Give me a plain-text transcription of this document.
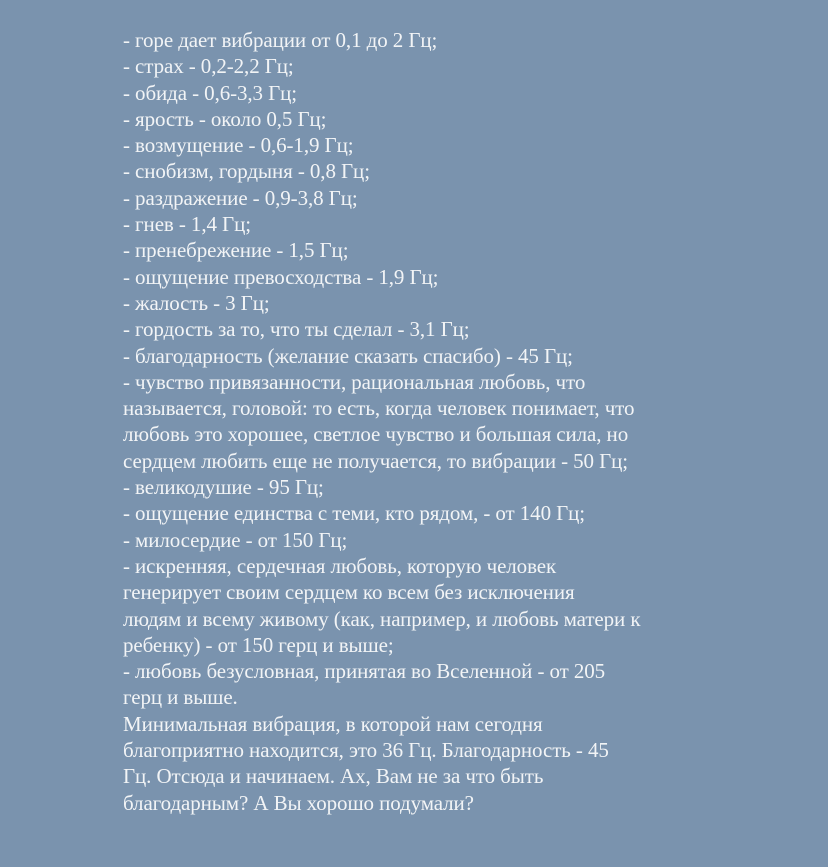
- горе дает вибрации от 0,1 до 2 Гц;

- страх - 0,2-2,2 Гц;

- обида - 0,6-3,3 Гц;

- ярость - около 0,5 Гц;

- возмущение - 0,6-1,9 Гц;

- снобизм, гордыня - 0,8 Гц;

- раздражение - 0,9-3,8 Гц;

- гнев - 1,4 Гц;

- пренебрежение - 1,5 Гц;

- ощущение превосходства - 1,9 Гц;

- жалость - 3 Гц;

- гордость за то, что ты сделал - 3,1 Гц;

- благодарность (желание сказать спасибо) - 45 Гц;

- чувство привязанности, рациональная любовь, что

называется, головой: то есть, когда человек понимает, что

любовь это хорошее, светлое чувство и большая сила, но

сердцем любить еще не получается, то вибрации - 50 Гц;

- великодушие - 95 Гц;

- ощущение единства с теми, кто рядом, - от 140 Гц;

- милосердие - от 150 Гц;

- искренняя, сердечная любовь, которую человек

генерирует своим сердцем ко всем без исключения

людям и всему живому (как, например, и любовь матери к

ребенку) - от 150 герц и выше;

- любовь безусловная, принятая во Вселенной - от 205

герц и выше.

Минимальная вибрация, в которой нам сегодня

благоприятно находится, это 36 Гц. Благодарность - 45

Гц. Отсюда и начинаем. Ах, Вам не за что быть

благодарным? А Вы хорошо подумали?
